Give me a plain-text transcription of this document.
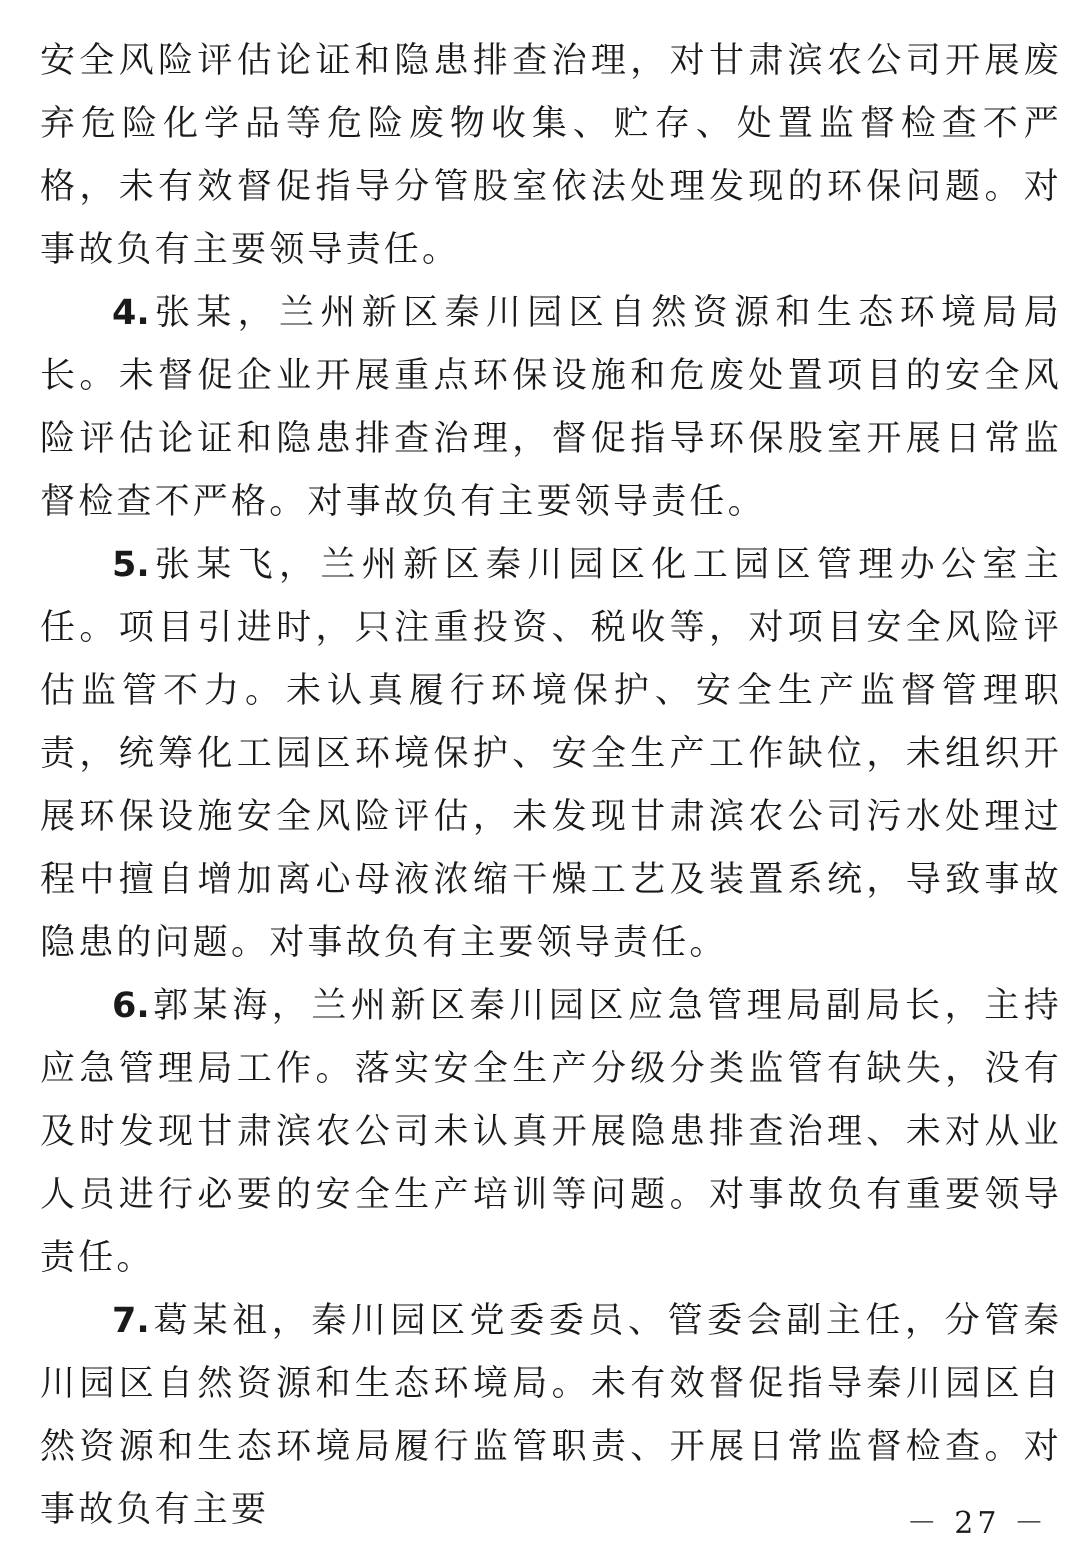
安全风险评估论证和隐患排查治理，对甘肃滨农公司开展废弃危险化学品等危险废物收集、贮存、处置监督检查不严格，未有效督促指导分管股室依法处理发现的环保问题。对事故负有主要领导责任。

4.张某，兰州新区秦川园区自然资源和生态环境局局长。未督促企业开展重点环保设施和危废处置项目的安全风险评估论证和隐患排查治理，督促指导环保股室开展日常监督检查不严格。对事故负有主要领导责任。

5.张某飞，兰州新区秦川园区化工园区管理办公室主任。项目引进时，只注重投资、税收等，对项目安全风险评估监管不力。未认真履行环境保护、安全生产监督管理职责，统筹化工园区环境保护、安全生产工作缺位，未组织开展环保设施安全风险评估，未发现甘肃滨农公司污水处理过程中擅自增加离心母液浓缩干燥工艺及装置系统，导致事故隐患的问题。对事故负有主要领导责任。

6.郭某海，兰州新区秦川园区应急管理局副局长，主持应急管理局工作。落实安全生产分级分类监管有缺失，没有及时发现甘肃滨农公司未认真开展隐患排查治理、未对从业人员进行必要的安全生产培训等问题。对事故负有重要领导责任。

7.葛某祖，秦川园区党委委员、管委会副主任，分管秦川园区自然资源和生态环境局。未有效督促指导秦川园区自然资源和生态环境局履行监管职责、开展日常监督检查。对事故负有主要	－ 27 －
